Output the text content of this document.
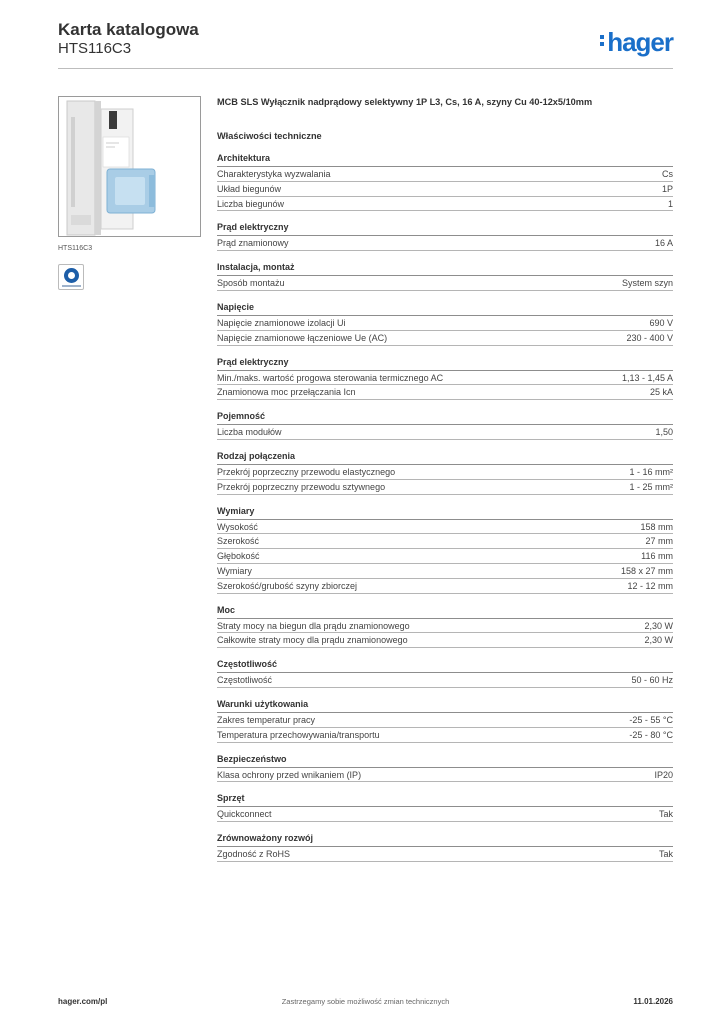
Karta katalogowa
HTS116C3	hager
HTS116C3
MCB SLS Wyłącznik nadprądowy selektywny 1P L3, Cs, 16 A, szyny Cu 40-12x5/10mm
Właściwości techniczne
Architektura
Charakterystyka wyzwalania	Cs
Układ biegunów	1P
Liczba biegunów	1
Prąd elektryczny
Prąd znamionowy	16 A
Instalacja, montaż
Sposób montażu	System szyn
Napięcie
Napięcie znamionowe izolacji Ui	690 V
Napięcie znamionowe łączeniowe Ue (AC)	230 - 400 V
Prąd elektryczny
Min./maks. wartość progowa sterowania termicznego AC	1,13 - 1,45 A
Znamionowa moc przełączania Icn	25 kA
Pojemność
Liczba modułów	1,50
Rodzaj połączenia
Przekrój poprzeczny przewodu elastycznego	1 - 16 mm²
Przekrój poprzeczny przewodu sztywnego	1 - 25 mm²
Wymiary
Wysokość	158 mm
Szerokość	27 mm
Głębokość	116 mm
Wymiary	158 x 27 mm
Szerokość/grubość szyny zbiorczej	12 - 12 mm
Moc
Straty mocy na biegun dla prądu znamionowego	2,30 W
Całkowite straty mocy dla prądu znamionowego	2,30 W
Częstotliwość
Częstotliwość	50 - 60 Hz
Warunki użytkowania
Zakres temperatur pracy	-25 - 55 °C
Temperatura przechowywania/transportu	-25 - 80 °C
Bezpieczeństwo
Klasa ochrony przed wnikaniem (IP)	IP20
Sprzęt
Quickconnect	Tak
Zrównoważony rozwój
Zgodność z RoHS	Tak
hager.com/pl	Zastrzegamy sobie możliwość zmian technicznych	11.01.2026
